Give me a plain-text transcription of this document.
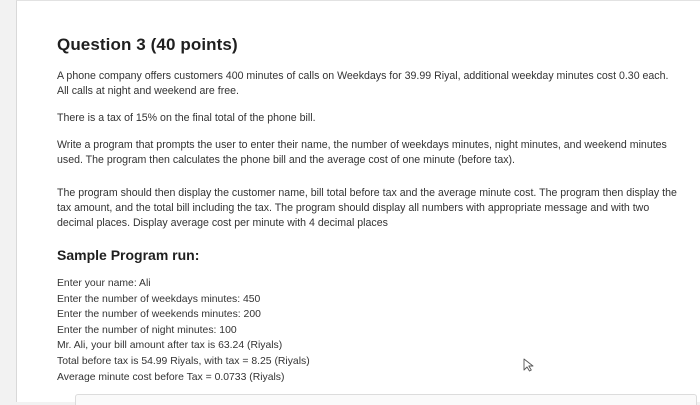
Question 3 (40 points)

A phone company offers customers 400 minutes of calls on Weekdays for 39.99 Riyal, additional weekday minutes cost 0.30 each. All calls at night and weekend are free.

There is a tax of 15% on the final total of the phone bill.

Write a program that prompts the user to enter their name, the number of weekdays minutes, night minutes, and weekend minutes used. The program then calculates the phone bill and the average cost of one minute (before tax).

The program should then display the customer name, bill total before tax and the average minute cost. The program then display the tax amount, and the total bill including the tax. The program should display all numbers with appropriate message and with two decimal places. Display average cost per minute with 4 decimal places

Sample Program run:
Enter your name: Ali
Enter the number of weekdays minutes: 450
Enter the number of weekends minutes: 200
Enter the number of night minutes: 100
Mr. Ali, your bill amount after tax is 63.24 (Riyals)
Total before tax is 54.99 Riyals, with tax = 8.25 (Riyals)
Average minute cost before Tax = 0.0733 (Riyals)
